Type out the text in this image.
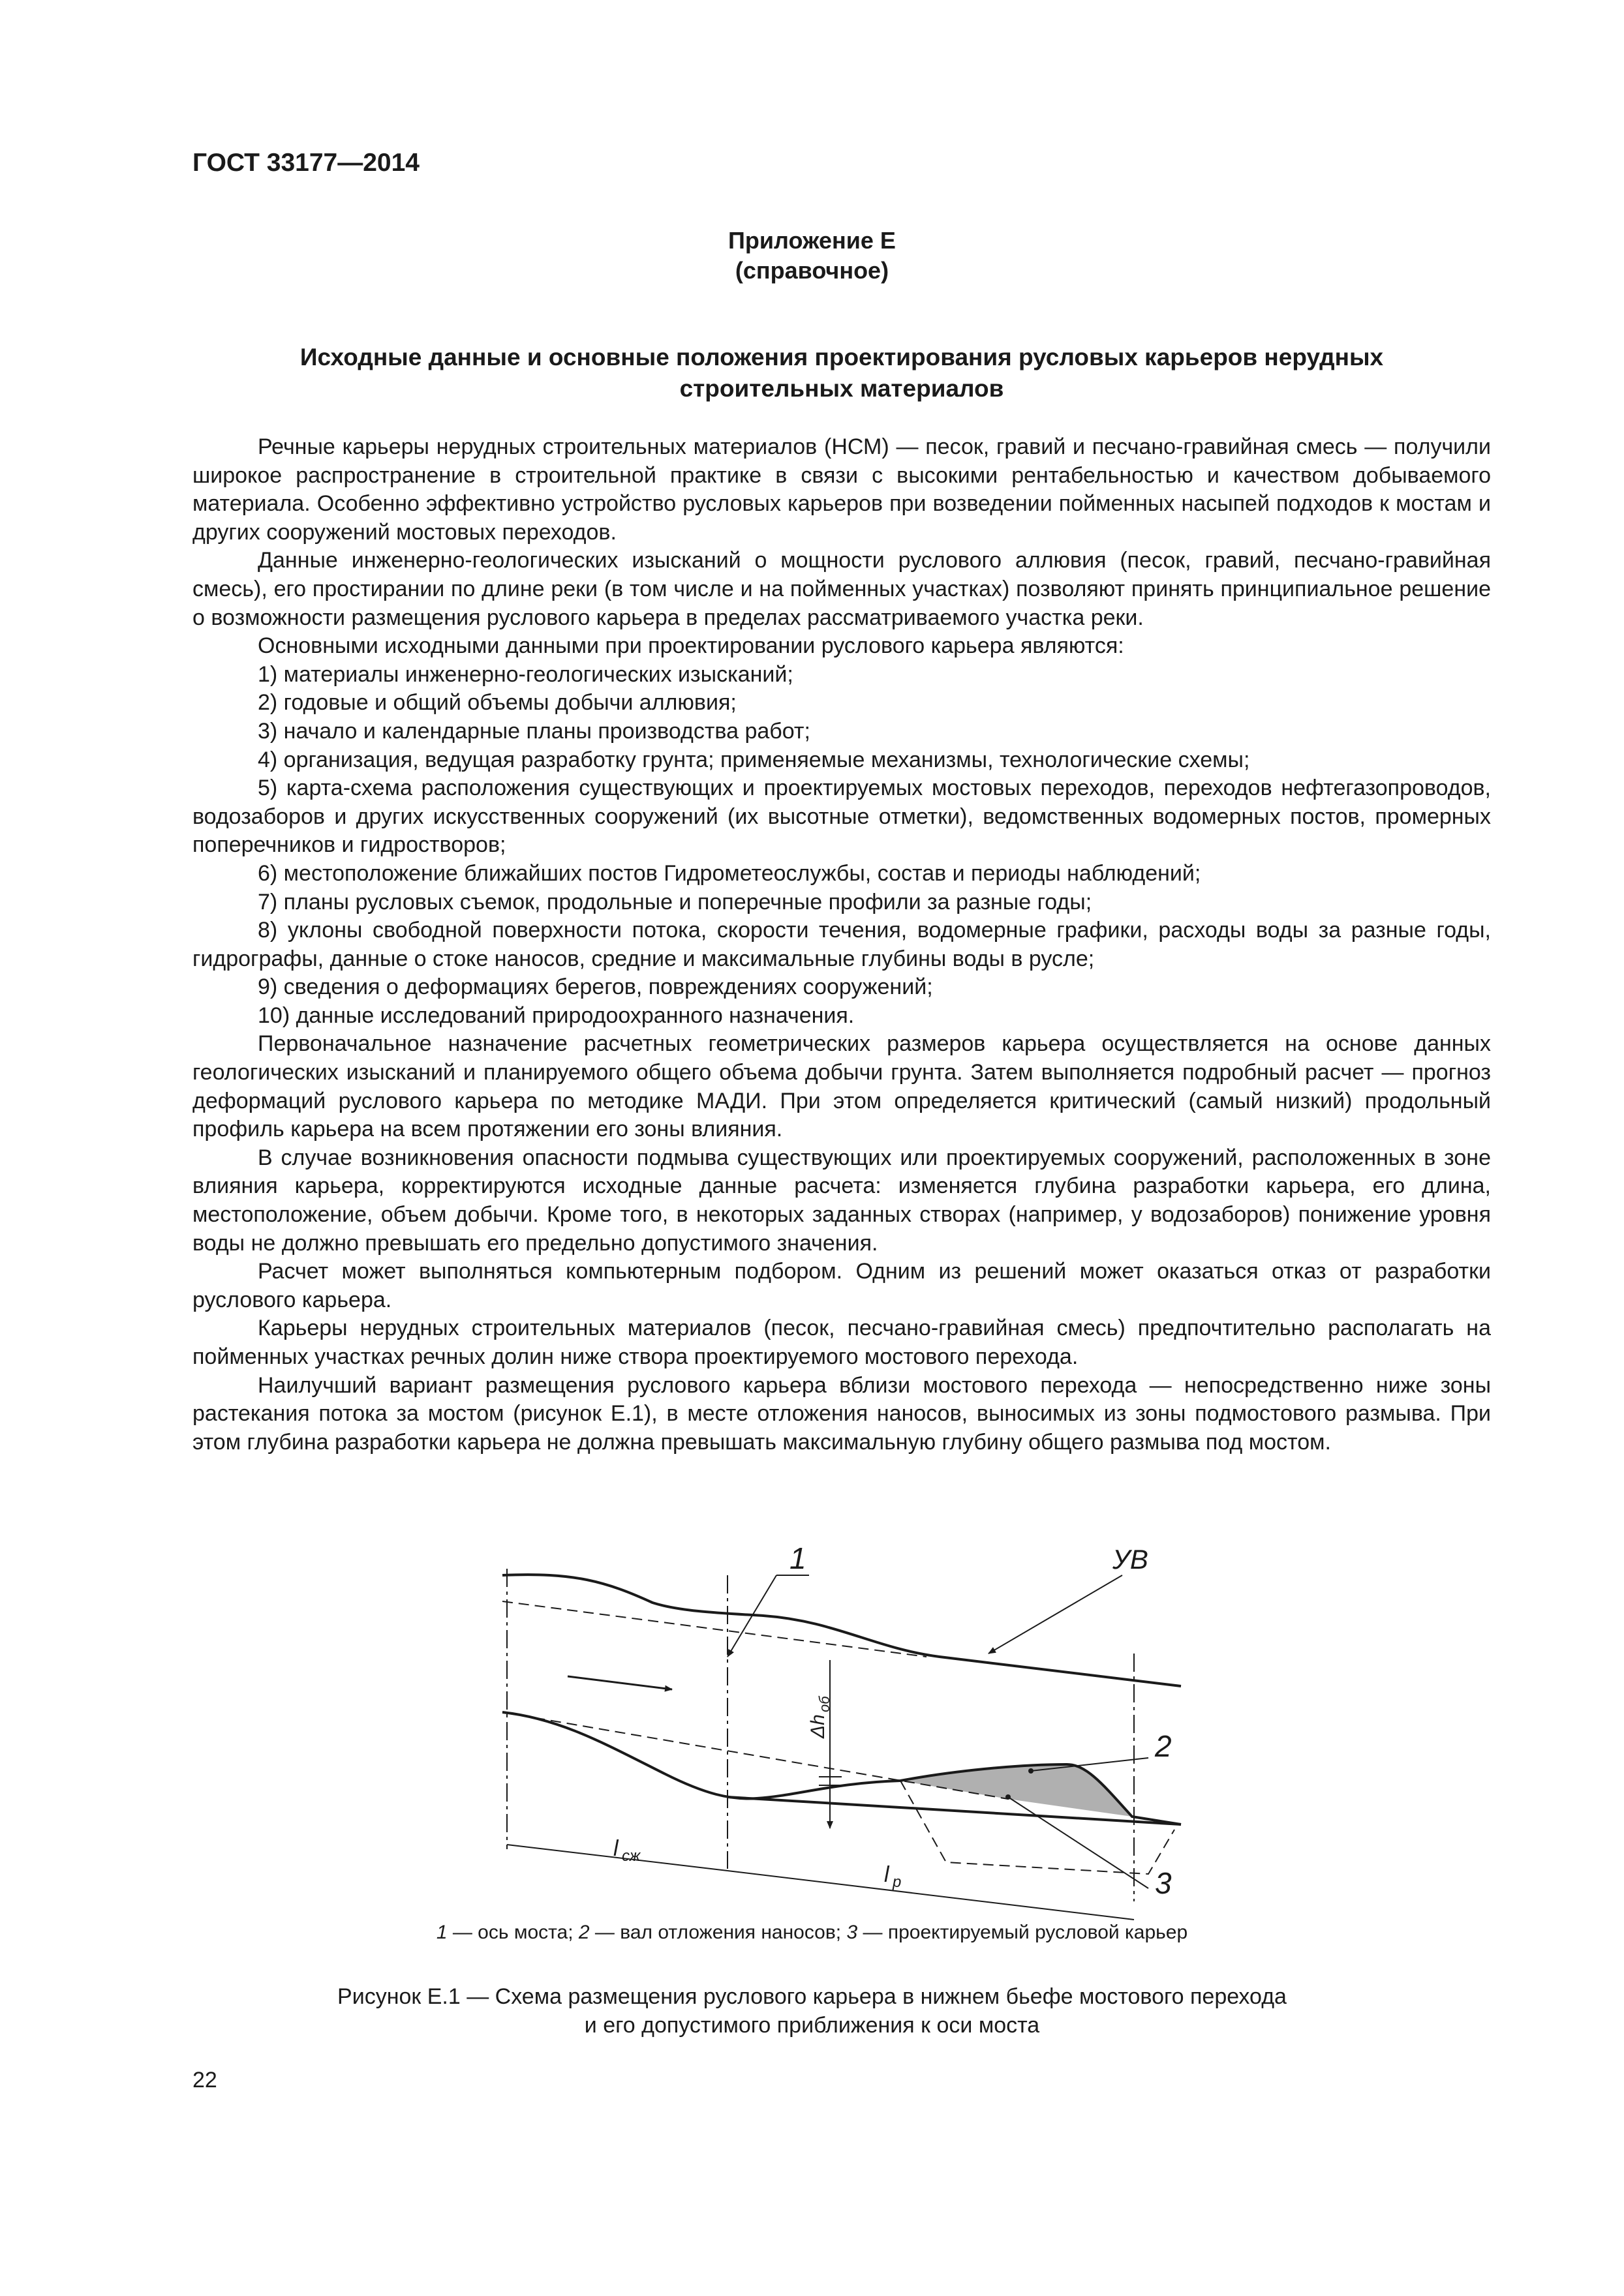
ГОСТ 33177—2014
Приложение Е
(справочное)
Исходные данные и основные положения проектирования русловых карьеров нерудных
строительных материалов

Речные карьеры нерудных строительных материалов (НСМ) — песок, гравий и песчано-гравийная смесь — получили широкое распространение в строительной практике в связи с высокими рентабельностью и качеством добываемого материала. Особенно эффективно устройство русловых карьеров при возведении пойменных насыпей подходов к мостам и других сооружений мостовых переходов.

Данные инженерно-геологических изысканий о мощности руслового аллювия (песок, гравий, песчано-гравийная смесь), его простирании по длине реки (в том числе и на пойменных участках) позволяют принять принципиальное решение о возможности размещения руслового карьера в пределах рассматриваемого участка реки.

Основными исходными данными при проектировании руслового карьера являются:

1) материалы инженерно-геологических изысканий;

2) годовые и общий объемы добычи аллювия;

3) начало и календарные планы производства работ;

4) организация, ведущая разработку грунта; применяемые механизмы, технологические схемы;

5) карта-схема расположения существующих и проектируемых мостовых переходов, переходов нефтегазопроводов, водозаборов и других искусственных сооружений (их высотные отметки), ведомственных водомерных постов, промерных поперечников и гидростворов;

6) местоположение ближайших постов Гидрометеослужбы, состав и периоды наблюдений;

7) планы русловых съемок, продольные и поперечные профили за разные годы;

8) уклоны свободной поверхности потока, скорости течения, водомерные графики, расходы воды за разные годы, гидрографы, данные о стоке наносов, средние и максимальные глубины воды в русле;

9) сведения о деформациях берегов, повреждениях сооружений;

10) данные исследований природоохранного назначения.

Первоначальное назначение расчетных геометрических размеров карьера осуществляется на основе данных геологических изысканий и планируемого общего объема добычи грунта. Затем выполняется подробный расчет — прогноз деформаций руслового карьера по методике МАДИ. При этом определяется критический (самый низкий) продольный профиль карьера на всем протяжении его зоны влияния.

В случае возникновения опасности подмыва существующих или проектируемых сооружений, расположенных в зоне влияния карьера, корректируются исходные данные расчета: изменяется глубина разработки карьера, его длина, местоположение, объем добычи. Кроме того, в некоторых заданных створах (например, у водозаборов) понижение уровня воды не должно превышать его предельно допустимого значения.

Расчет может выполняться компьютерным подбором. Одним из решений может оказаться отказ от разработки руслового карьера.

Карьеры нерудных строительных материалов (песок, песчано-гравийная смесь) предпочтительно располагать на пойменных участках речных долин ниже створа проектируемого мостового перехода.

Наилучший вариант размещения руслового карьера вблизи мостового перехода — непосредственно ниже зоны растекания потока за мостом (рисунок Е.1), в месте отложения наносов, выносимых из зоны подмостового размыва. При этом глубина разработки карьера не должна превышать максимальную глубину общего размыва под мостом.

Δh
об
l сж
l р
1	УВ
2
3
1 — ось моста; 2 — вал отложения наносов; 3 — проектируемый русловой карьер
Рисунок Е.1 — Схема размещения руслового карьера в нижнем бьефе мостового перехода
и его допустимого приближения к оси моста
22
